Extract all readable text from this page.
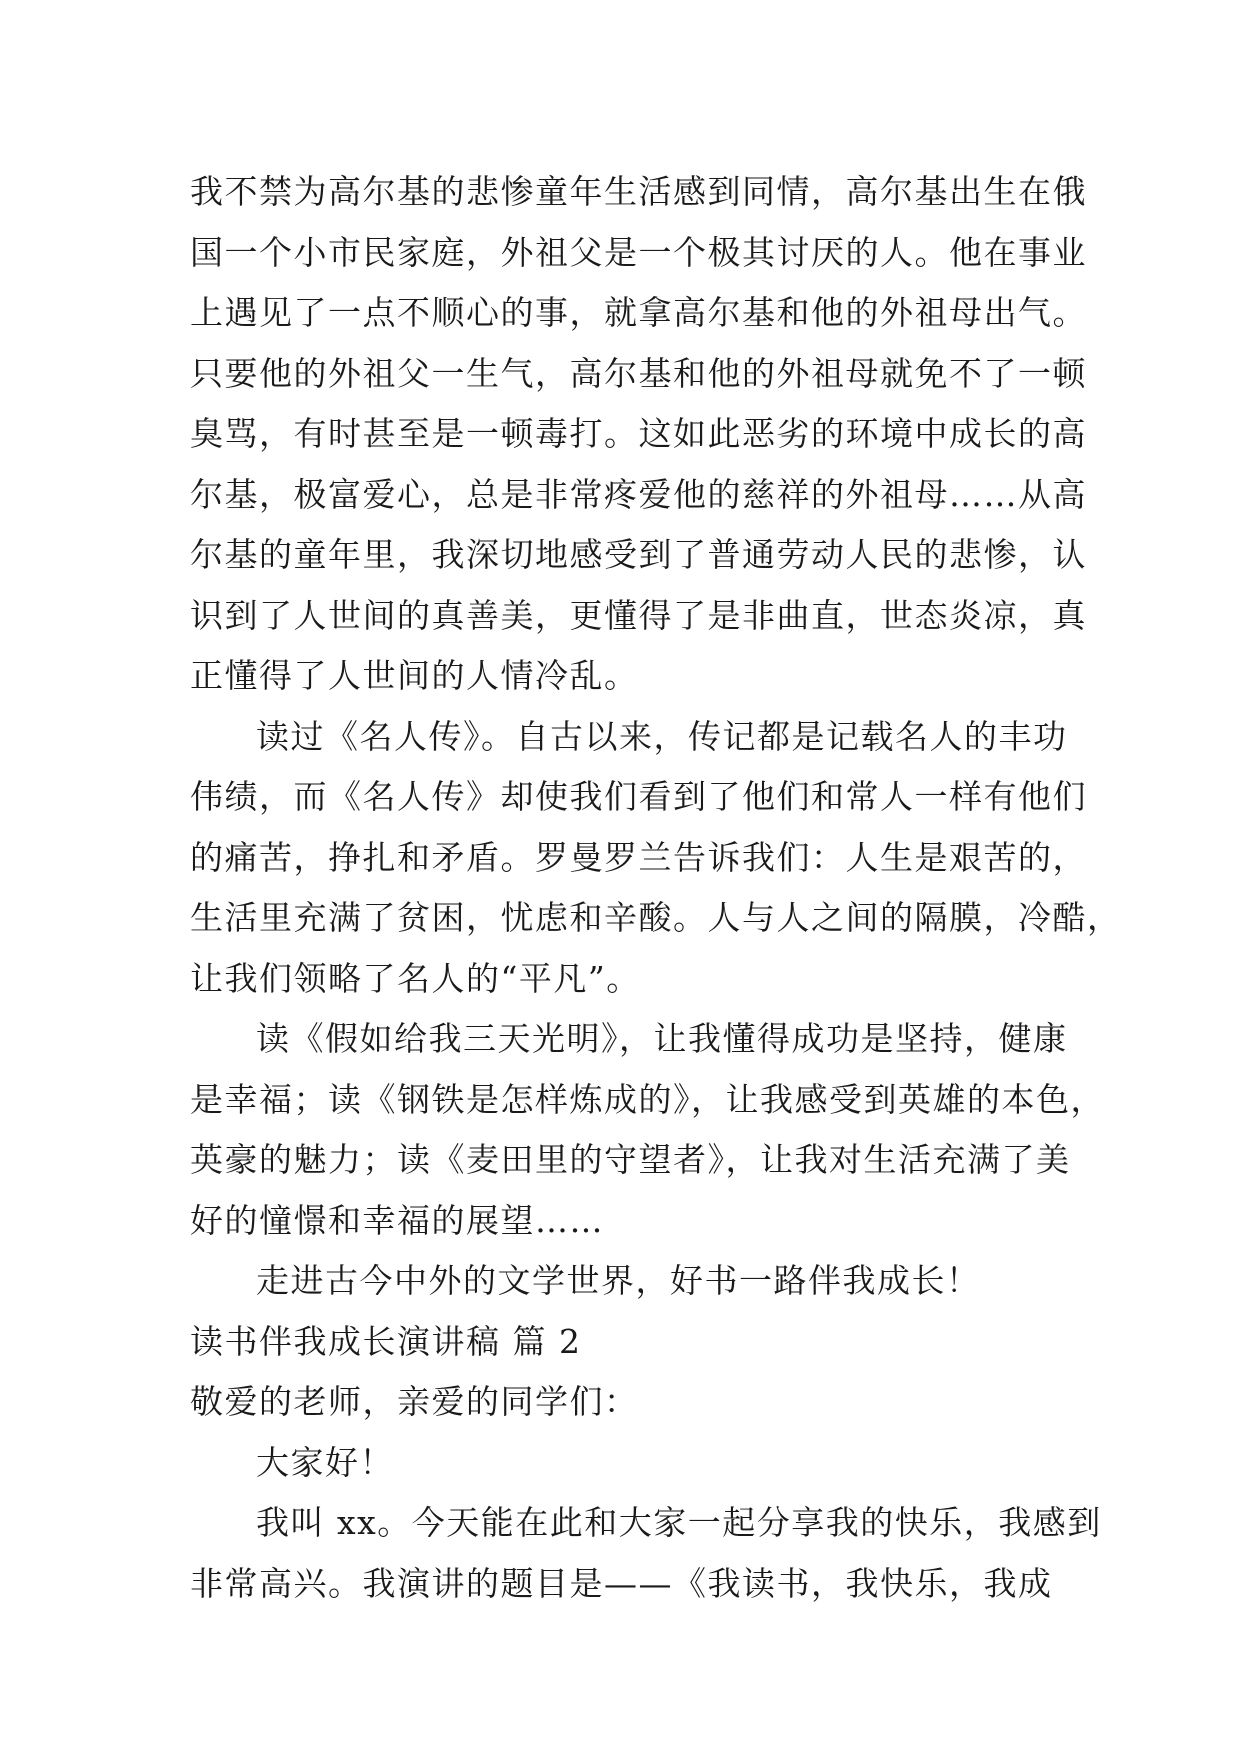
我不禁为高尔基的悲惨童年生活感到同情，高尔基出生在俄
国一个小市民家庭，外祖父是一个极其讨厌的人。他在事业
上遇见了一点不顺心的事，就拿高尔基和他的外祖母出气。
只要他的外祖父一生气，高尔基和他的外祖母就免不了一顿
臭骂，有时甚至是一顿毒打。这如此恶劣的环境中成长的高
尔基，极富爱心，总是非常疼爱他的慈祥的外祖母……从高
尔基的童年里，我深切地感受到了普通劳动人民的悲惨，认
识到了人世间的真善美，更懂得了是非曲直，世态炎凉，真
正懂得了人世间的人情冷乱。
读过《名人传》。自古以来，传记都是记载名人的丰功
伟绩，而《名人传》却使我们看到了他们和常人一样有他们
的痛苦，挣扎和矛盾。罗曼罗兰告诉我们：人生是艰苦的，
生活里充满了贫困，忧虑和辛酸。人与人之间的隔膜，冷酷，
让我们领略了名人的“平凡”。
读《假如给我三天光明》，让我懂得成功是坚持，健康
是幸福；读《钢铁是怎样炼成的》，让我感受到英雄的本色，
英豪的魅力；读《麦田里的守望者》，让我对生活充满了美
好的憧憬和幸福的展望……
走进古今中外的文学世界，好书一路伴我成长！
读书伴我成长演讲稿 篇 2
敬爱的老师，亲爱的同学们：
大家好！
我叫 xx。今天能在此和大家一起分享我的快乐，我感到
非常高兴。我演讲的题目是——《我读书，我快乐，我成
